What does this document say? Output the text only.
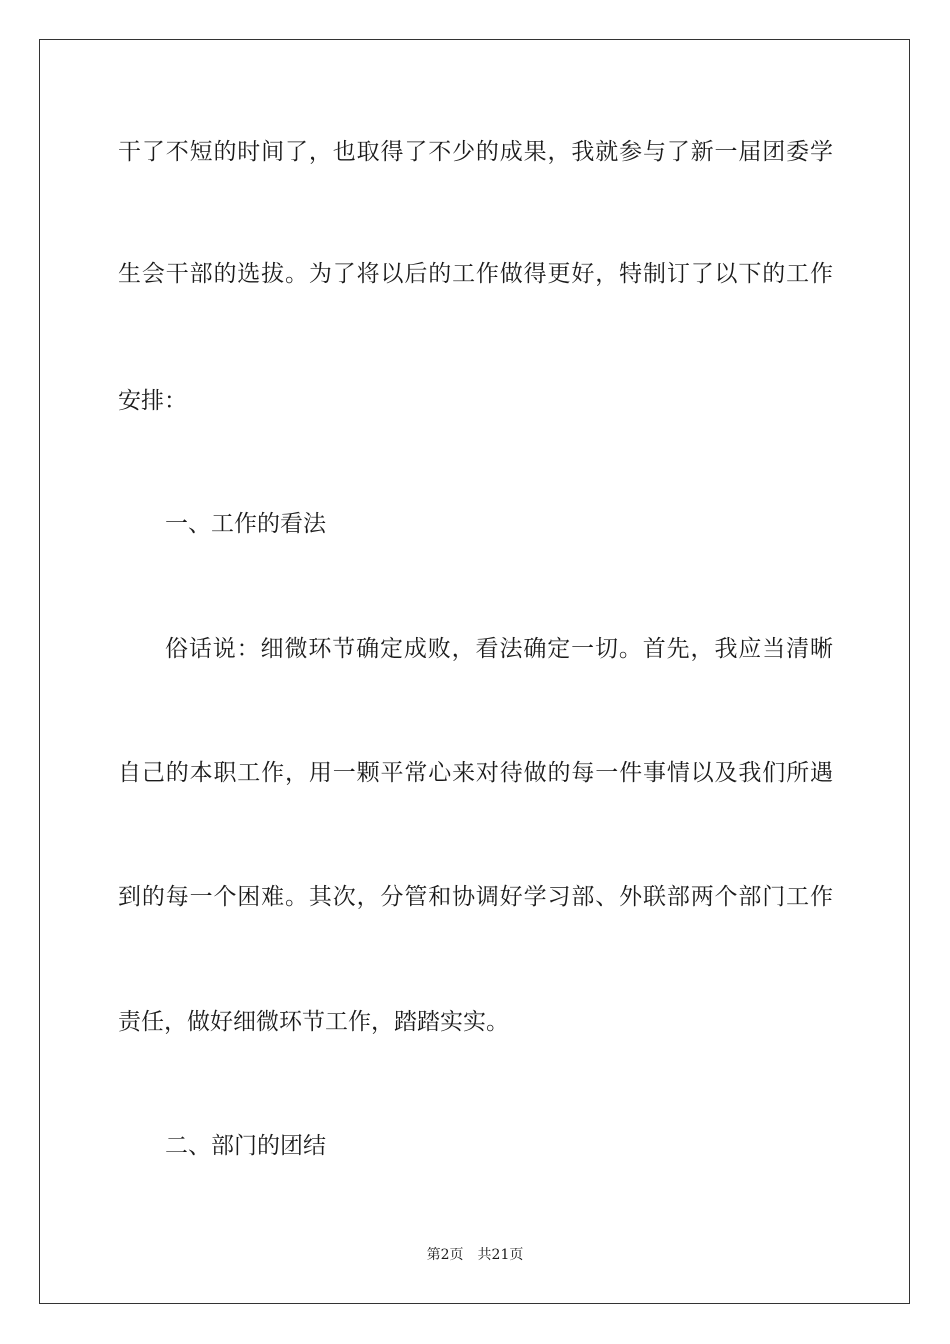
干了不短的时间了，也取得了不少的成果，我就参与了新一届团委学
生会干部的选拔。为了将以后的工作做得更好，特制订了以下的工作
安排：
一、工作的看法
俗话说：细微环节确定成败，看法确定一切。首先，我应当清晰
自己的本职工作，用一颗平常心来对待做的每一件事情以及我们所遇
到的每一个困难。其次，分管和协调好学习部、外联部两个部门工作
责任，做好细微环节工作，踏踏实实。
二、部门的团结
第2页 共21页
